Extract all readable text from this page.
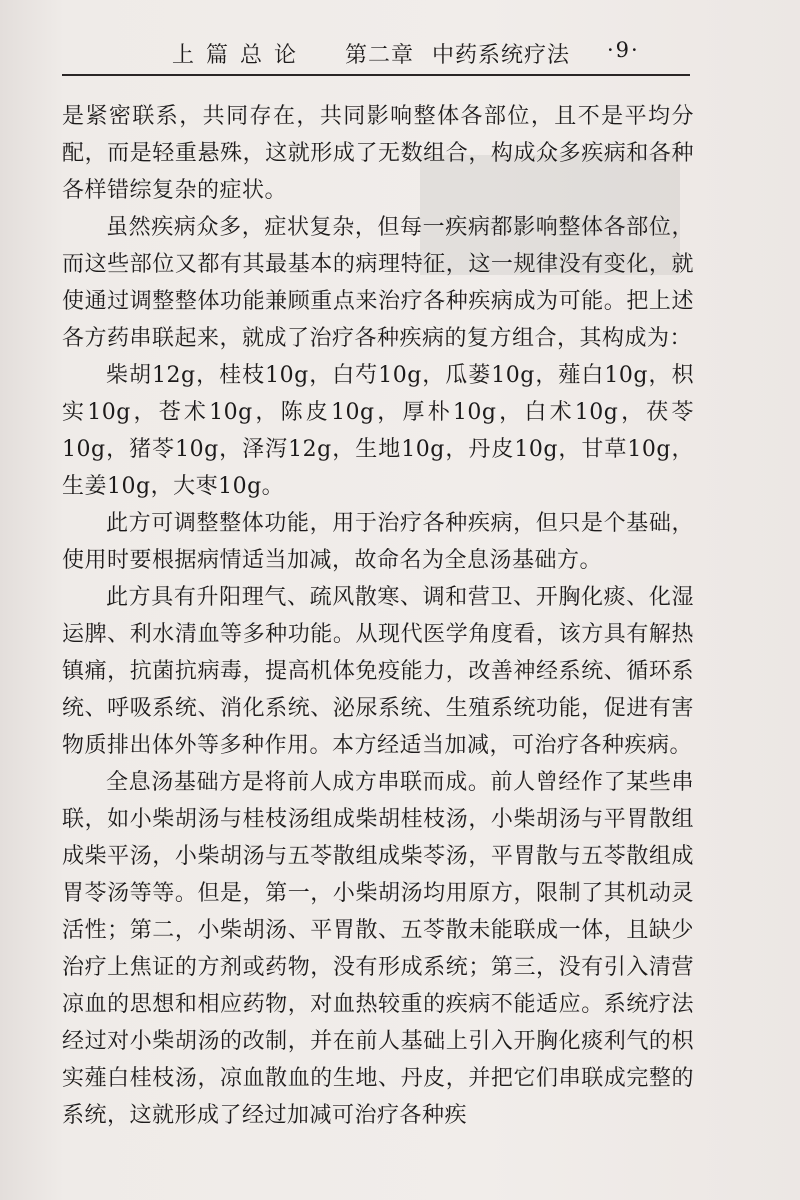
上篇总论 第二章 中药系统疗法 ·9·

是紧密联系，共同存在，共同影响整体各部位，且不是平均分配，而是轻重悬殊，这就形成了无数组合，构成众多疾病和各种各样错综复杂的症状。

虽然疾病众多，症状复杂，但每一疾病都影响整体各部位，而这些部位又都有其最基本的病理特征，这一规律没有变化，就使通过调整整体功能兼顾重点来治疗各种疾病成为可能。把上述各方药串联起来，就成了治疗各种疾病的复方组合，其构成为：

柴胡12g，桂枝10g，白芍10g，瓜蒌10g，薤白10g，枳实10g，苍术10g，陈皮10g，厚朴10g，白术10g，茯苓10g，猪苓10g，泽泻12g，生地10g，丹皮10g，甘草10g，生姜10g，大枣10g。

此方可调整整体功能，用于治疗各种疾病，但只是个基础，使用时要根据病情适当加减，故命名为全息汤基础方。

此方具有升阳理气、疏风散寒、调和营卫、开胸化痰、化湿运脾、利水清血等多种功能。从现代医学角度看，该方具有解热镇痛，抗菌抗病毒，提高机体免疫能力，改善神经系统、循环系统、呼吸系统、消化系统、泌尿系统、生殖系统功能，促进有害物质排出体外等多种作用。本方经适当加减，可治疗各种疾病。

全息汤基础方是将前人成方串联而成。前人曾经作了某些串联，如小柴胡汤与桂枝汤组成柴胡桂枝汤，小柴胡汤与平胃散组成柴平汤，小柴胡汤与五苓散组成柴苓汤，平胃散与五苓散组成胃苓汤等等。但是，第一，小柴胡汤均用原方，限制了其机动灵活性；第二，小柴胡汤、平胃散、五苓散未能联成一体，且缺少治疗上焦证的方剂或药物，没有形成系统；第三，没有引入清营凉血的思想和相应药物，对血热较重的疾病不能适应。系统疗法经过对小柴胡汤的改制，并在前人基础上引入开胸化痰利气的枳实薤白桂枝汤，凉血散血的生地、丹皮，并把它们串联成完整的系统，这就形成了经过加减可治疗各种疾
